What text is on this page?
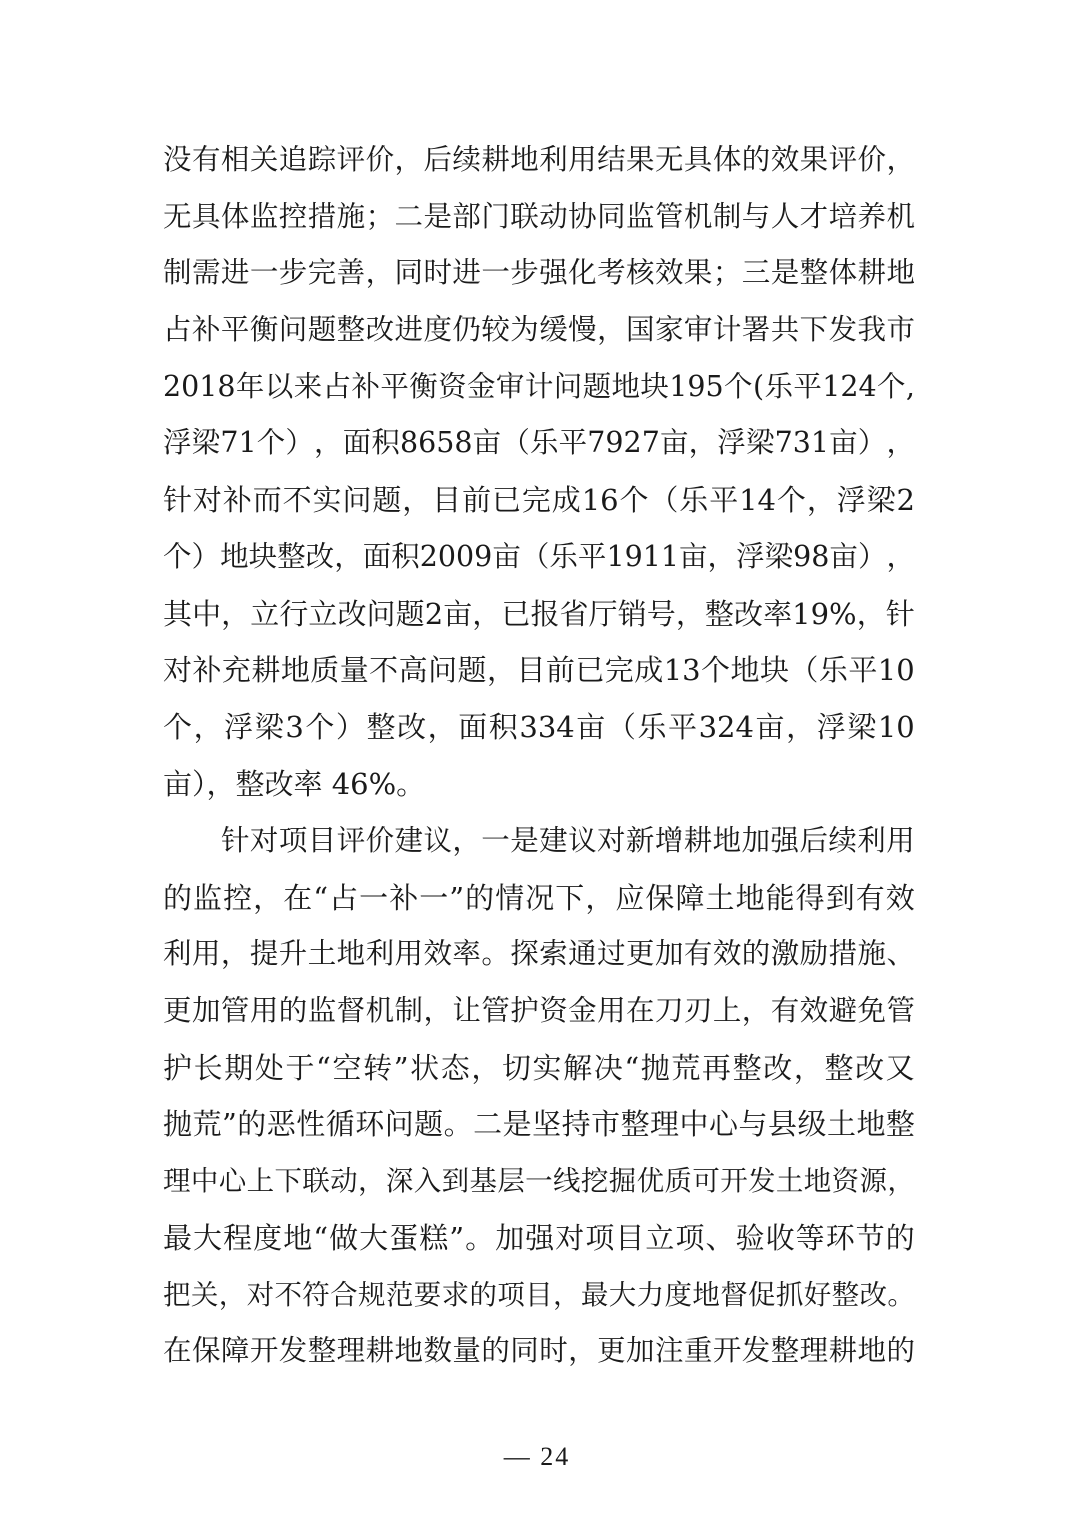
没 有 相 关 追 踪 评 价 ， 后 续 耕 地 利 用 结 果 无 具 体 的 效 果 评 价 ，
无 具 体 监 控 措 施 ； 二 是 部 门 联 动 协 同 监 管 机 制 与 人 才 培 养 机
制 需 进 一 步 完 善 ， 同 时 进 一 步 强 化 考 核 效 果 ； 三 是 整 体 耕 地
占 补 平 衡 问 题 整 改 进 度 仍 较 为 缓 慢 ， 国 家 审 计 署 共 下 发 我 市
2018 年 以 来 占 补 平 衡 资 金 审 计 问 题 地 块 195 个 ( 乐 平 124 个 ,
浮 梁 71 个 ） ， 面 积 8658 亩 （ 乐 平 7927 亩 ， 浮 梁 731 亩 ） ，
针 对 补 而 不 实 问 题 ， 目 前 已 完 成 16 个 （ 乐 平 14 个 ， 浮 梁 2
个 ） 地 块 整 改 ， 面 积 2009 亩 （ 乐 平 1911 亩 ， 浮 梁 98 亩 ） ，
其 中 ， 立 行 立 改 问 题 2 亩 ， 已 报 省 厅 销 号 ， 整 改 率 19% ， 针
对 补 充 耕 地 质 量 不 高 问 题 ， 目 前 已 完 成 13 个 地 块 （ 乐 平 10
个 ， 浮 梁 3 个 ） 整 改 ， 面 积 334 亩 （ 乐 平 324 亩 ， 浮 梁 10
亩），整改率 46%。
针 对 项 目 评 价 建 议 ， 一 是 建 议 对 新 增 耕 地 加 强 后 续 利 用
的 监 控 ， 在 “ 占 一 补 一 ” 的 情 况 下 ， 应 保 障 土 地 能 得 到 有 效
利 用 ， 提 升 土 地 利 用 效 率 。 探 索 通 过 更 加 有 效 的 激 励 措 施 、
更 加 管 用 的 监 督 机 制 ， 让 管 护 资 金 用 在 刀 刃 上 ， 有 效 避 免 管
护 长 期 处 于 “ 空 转 ” 状 态 ， 切 实 解 决 “ 抛 荒 再 整 改 ， 整 改 又
抛 荒 ” 的 恶 性 循 环 问 题 。 二 是 坚 持 市 整 理 中 心 与 县 级 土 地 整
理 中 心 上 下 联 动 ， 深 入 到 基 层 一 线 挖 掘 优 质 可 开 发 土 地 资 源 ，
最 大 程 度 地 “ 做 大 蛋 糕 ” 。 加 强 对 项 目 立 项 、 验 收 等 环 节 的
把 关 ， 对 不 符 合 规 范 要 求 的 项 目 ， 最 大 力 度 地 督 促 抓 好 整 改 。
在 保 障 开 发 整 理 耕 地 数 量 的 同 时 ， 更 加 注 重 开 发 整 理 耕 地 的
— 24
